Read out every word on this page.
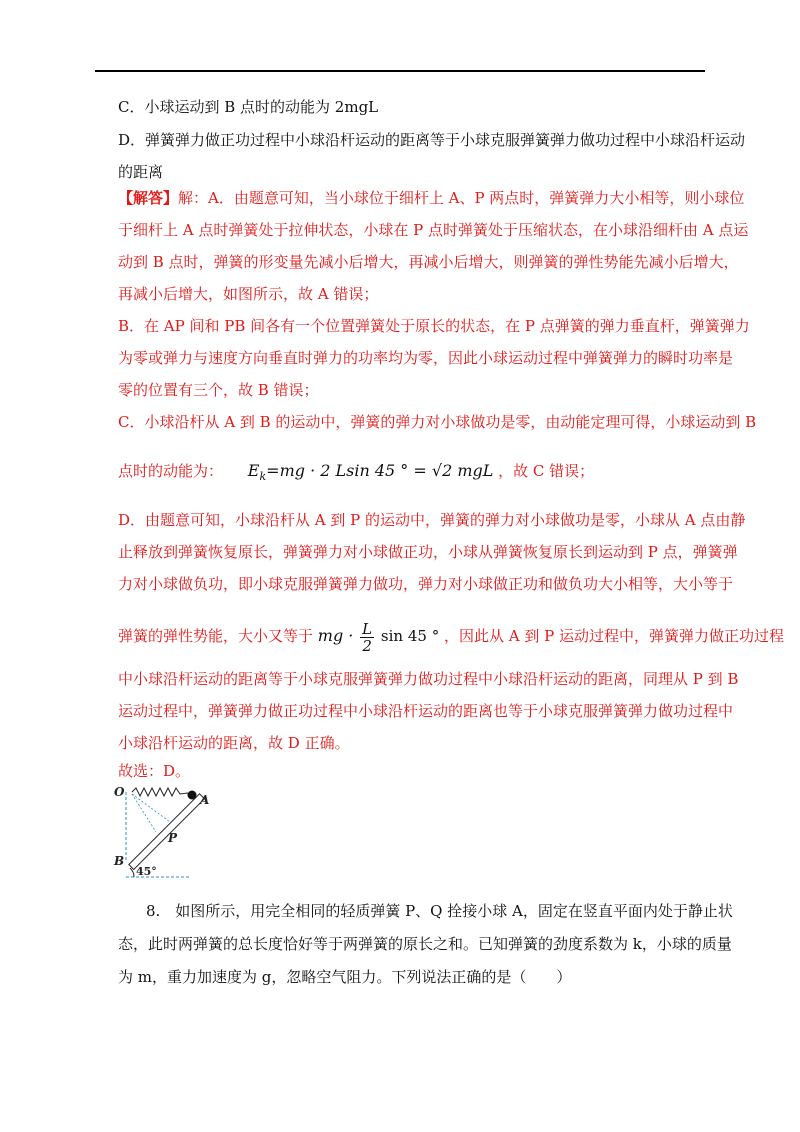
C．小球运动到 B 点时的动能为 2mgL
D．弹簧弹力做正功过程中小球沿杆运动的距离等于小球克服弹簧弹力做功过程中小球沿杆运动
的距离
【解答】解：A．由题意可知，当小球位于细杆上 A、P 两点时，弹簧弹力大小相等，则小球位
于细杆上 A 点时弹簧处于拉伸状态，小球在 P 点时弹簧处于压缩状态，在小球沿细杆由 A 点运
动到 B 点时，弹簧的形变量先减小后增大，再减小后增大，则弹簧的弹性势能先减小后增大，
再减小后增大，如图所示，故 A 错误；
B．在 AP 间和 PB 间各有一个位置弹簧处于原长的状态，在 P 点弹簧的弹力垂直杆，弹簧弹力
为零或弹力与速度方向垂直时弹力的功率均为零，因此小球运动过程中弹簧弹力的瞬时功率是
零的位置有三个，故 B 错误；
C．小球沿杆从 A 到 B 的运动中，弹簧的弹力对小球做功是零，由动能定理可得，小球运动到 B
点时的动能为： $E_k=mg \cdot 2$ Lsin 45 ° = √2 mgL ，故 C 错误；
D．由题意可知，小球沿杆从 A 到 P 的运动中，弹簧的弹力对小球做功是零，小球从 A 点由静
止释放到弹簧恢复原长，弹簧弹力对小球做正功，小球从弹簧恢复原长到运动到 P 点，弹簧弹
力对小球做负功，即小球克服弹簧弹力做功，弹力对小球做正功和做负功大小相等，大小等于
弹簧的弹性势能，大小又等于 mg · $\frac{L}{2}$ sin 45 ° ，因此从 A 到 P 运动过程中，弹簧弹力做正功过程
中小球沿杆运动的距离等于小球克服弹簧弹力做功过程中小球沿杆运动的距离，同理从 P 到 B
运动过程中，弹簧弹力做正功过程中小球沿杆运动的距离也等于小球克服弹簧弹力做功过程中
小球沿杆运动的距离，故 D 正确。
故选：D。
O
A
B
P
45°
8.　如图所示，用完全相同的轻质弹簧 P、Q 拴接小球 A，固定在竖直平面内处于静止状
态，此时两弹簧的总长度恰好等于两弹簧的原长之和。已知弹簧的劲度系数为 k，小球的质量
为 m，重力加速度为 g，忽略空气阻力。下列说法正确的是（　　）
